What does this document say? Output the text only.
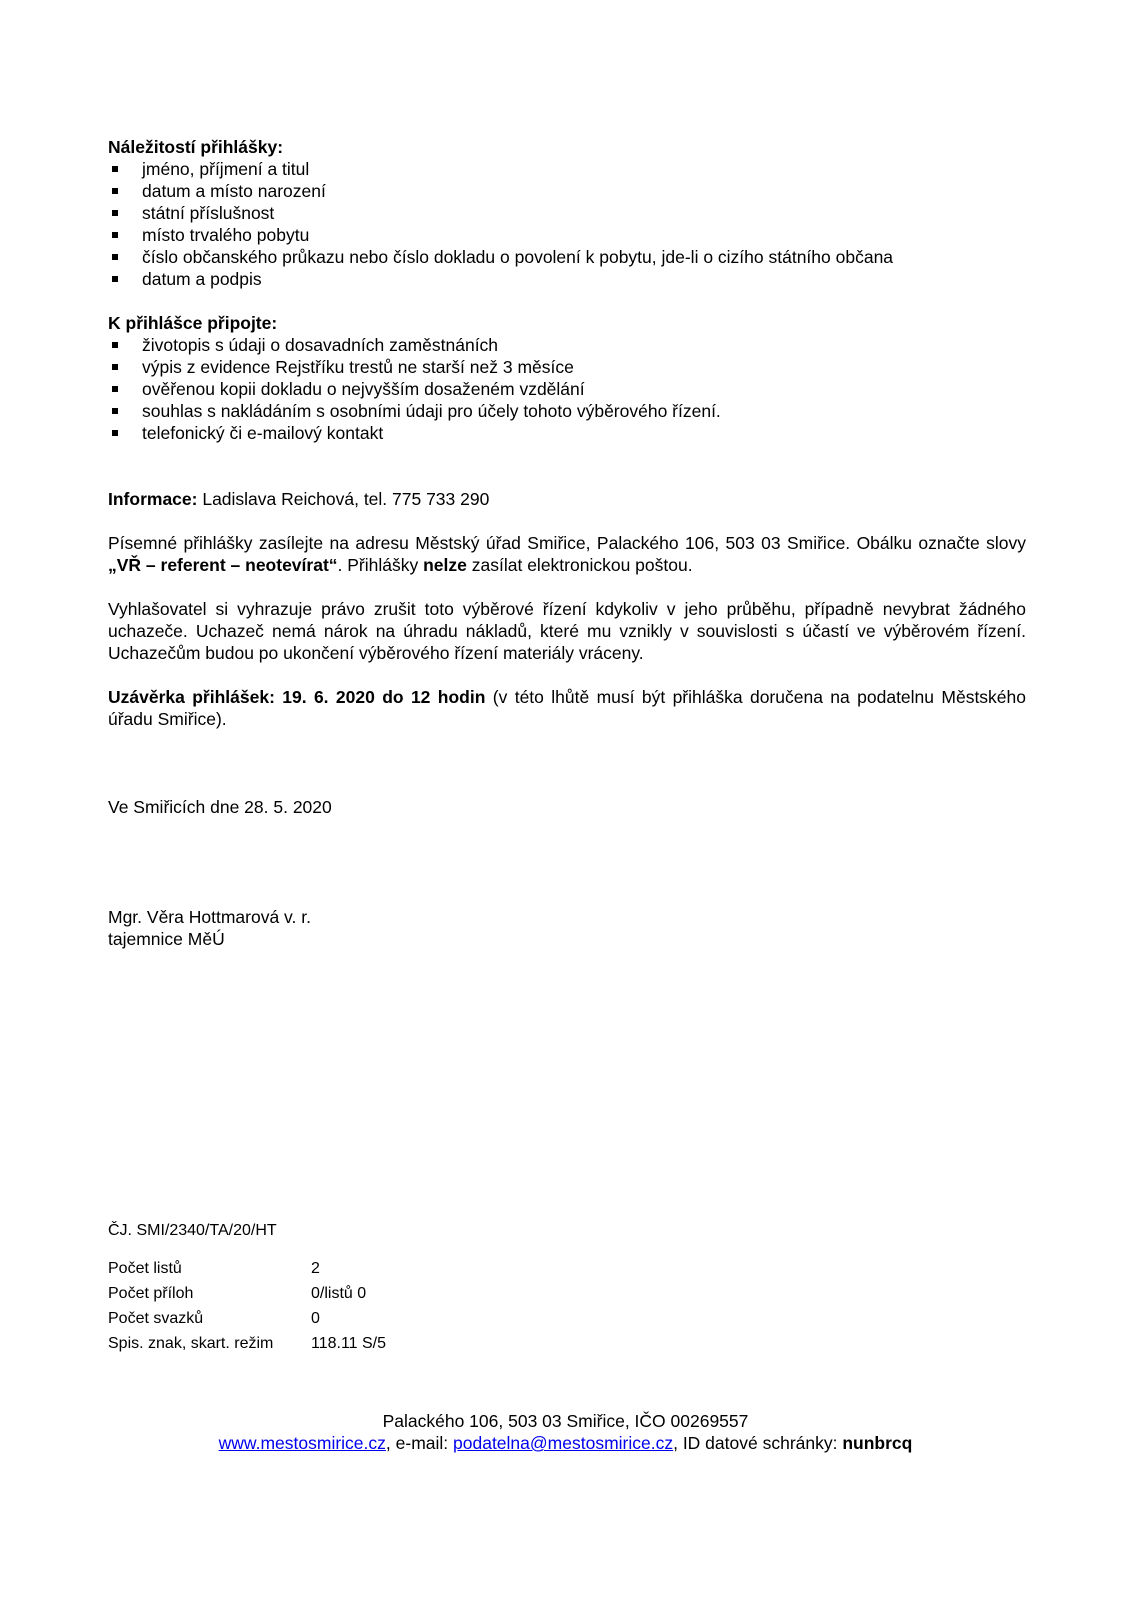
Náležitostí přihlášky:
jméno, příjmení a titul
datum a místo narození
státní příslušnost
místo trvalého pobytu
číslo občanského průkazu nebo číslo dokladu o povolení k pobytu, jde-li o cizího státního občana
datum a podpis
K přihlášce připojte:
životopis s údaji o dosavadních zaměstnáních
výpis z evidence Rejstříku trestů ne starší než 3 měsíce
ověřenou kopii dokladu o nejvyšším dosaženém vzdělání
souhlas s nakládáním s osobními údaji pro účely tohoto výběrového řízení.
telefonický či e-mailový kontakt
Informace: Ladislava Reichová, tel. 775 733 290
Písemné přihlášky zasílejte na adresu Městský úřad Smiřice, Palackého 106, 503 03 Smiřice. Obálku označte slovy „VŘ – referent – neotevírat“. Přihlášky nelze zasílat elektronickou poštou.
Vyhlašovatel si vyhrazuje právo zrušit toto výběrové řízení kdykoliv v jeho průběhu, případně nevybrat žádného uchazeče. Uchazeč nemá nárok na úhradu nákladů, které mu vznikly v souvislosti s účastí ve výběrovém řízení. Uchazečům budou po ukončení výběrového řízení materiály vráceny.
Uzávěrka přihlášek: 19. 6. 2020 do 12 hodin (v této lhůtě musí být přihláška doručena na podatelnu Městského úřadu Smiřice).
Ve Smiřicích dne 28. 5. 2020
Mgr. Věra Hottmarová v. r.
tajemnice MěÚ
ČJ. SMI/2340/TA/20/HT
Počet listů	2
Počet příloh	0/listů 0
Počet svazků	0
Spis. znak, skart. režim	118.11 S/5
Palackého 106, 503 03 Smiřice, IČO 00269557
www.mestosmirice.cz, e-mail: podatelna@mestosmirice.cz, ID datové schránky: nunbrcq
